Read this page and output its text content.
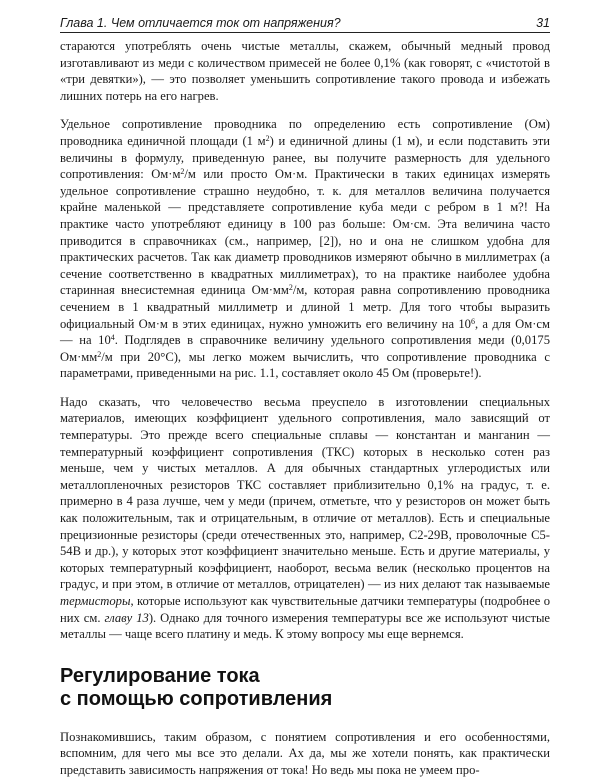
Глава 1. Чем отличается ток от напряжения?	31

стараются употреблять очень чистые металлы, скажем, обычный медный провод изготавливают из меди с количеством примесей не более 0,1% (как говорят, с «чистотой в «три девятки»), — это позволяет уменьшить сопротивление такого провода и избежать лишних потерь на его нагрев.

Удельное сопротивление проводника по определению есть сопротивление (Ом) проводника единичной площади (1 $м^2$) и единичной длины (1 м), и если подставить эти величины в формулу, приведенную ранее, вы получите размерность для удельного сопротивления: $Ом\cdot м^2/м$ или просто Ом·м. Практически в таких единицах измерять удельное сопротивление страшно неудобно, т. к. для металлов величина получается крайне маленькой — представляете сопротивление куба меди с ребром в 1 м?! На практике часто употребляют единицу в 100 раз больше: Ом·см. Эта величина часто приводится в справочниках (см., например, [2]), но и она не слишком удобна для практических расчетов. Так как диаметр проводников измеряют обычно в миллиметрах (а сечение соответственно в квадратных миллиметрах), то на практике наиболее удобна старинная внесистемная единица $Ом\cdot мм^2/м$, которая равна сопротивлению проводника сечением в 1 квадратный миллиметр и длиной 1 метр. Для того чтобы выразить официальный Ом·м в этих единицах, нужно умножить его величину на $10^6$, а для Ом·см — на $10^4$. Подглядев в справочнике величину удельного сопротивления меди (0,0175 $Ом\cdot мм^2/м$ при 20°С), мы легко можем вычислить, что сопротивление проводника с параметрами, приведенными на рис. 1.1, составляет около 45 Ом (проверьте!).

Надо сказать, что человечество весьма преуспело в изготовлении специальных материалов, имеющих коэффициент удельного сопротивления, мало зависящий от температуры. Это прежде всего специальные сплавы — константан и манганин — температурный коэффициент сопротивления (ТКС) которых в несколько сотен раз меньше, чем у чистых металлов. А для обычных стандартных углеродистых или металлопленочных резисторов ТКС составляет приблизительно 0,1% на градус, т. е. примерно в 4 раза лучше, чем у меди (причем, отметьте, что у резисторов он может быть как положительным, так и отрицательным, в отличие от металлов). Есть и специальные прецизионные резисторы (среди отечественных это, например, С2-29В, проволочные С5-54В и др.), у которых этот коэффициент значительно меньше. Есть и другие материалы, у которых температурный коэффициент, наоборот, весьма велик (несколько процентов на градус, и при этом, в отличие от металлов, отрицателен) — из них делают так называемые термисторы, которые используют как чувствительные датчики температуры (подробнее о них см. главу 13). Однако для точного измерения температуры все же используют чистые металлы — чаще всего платину и медь. К этому вопросу мы еще вернемся.

Регулирование тока
с помощью сопротивления

Познакомившись, таким образом, с понятием сопротивления и его особенностями, вспомним, для чего мы все это делали. Ах да, мы же хотели понять, как практически представить зависимость напряжения от тока! Но ведь мы пока не умеем про-
